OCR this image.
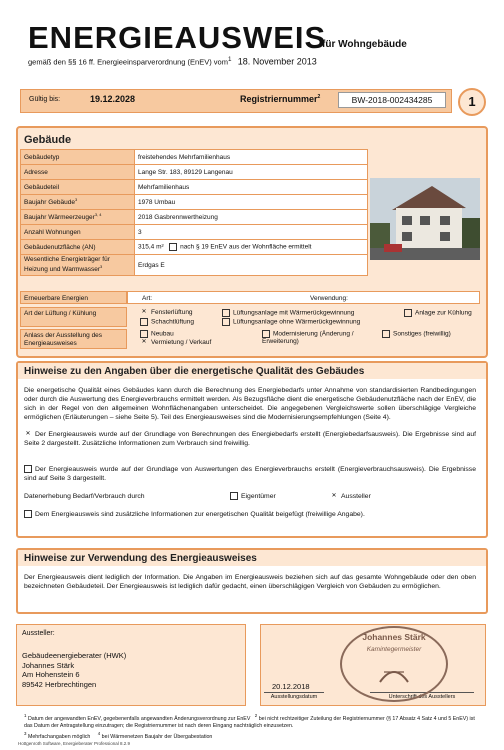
ENERGIEAUSWEIS
für Wohngebäude
gemäß den §§ 16 ff. Energieeinsparverordnung (EnEV) vom$^1$ 18. November 2013
Gültig bis:	19.12.2028	Registriernummer$^2$	BW-2018-002434285	1
Gebäude
Gebäudetyp	freistehendes Mehrfamilienhaus
Adresse	Lange Str. 183, 89129 Langenau
Gebäudeteil	Mehrfamilienhaus
Baujahr Gebäude$^3$	1978 Umbau
Baujahr Wärmeerzeuger$^{3, 4}$	2018 Gasbrennwertheizung
Anzahl Wohnungen	3
Gebäudenutzfläche (AN)	315,4 m² nach § 19 EnEV aus der Wohnfläche ermittelt
Wesentliche Energieträger für Heizung und Warmwasser$^3$	Erdgas E
Erneuerbare Energien	Art:	Verwendung:
Art der Lüftung / Kühlung	✕ Fensterlüftung	Lüftungsanlage mit Wärmerückgewinnung	Anlage zur Kühlung
Schachtlüftung	Lüftungsanlage ohne Wärmerückgewinnung
Anlass der Ausstellung des Energieausweises
Neubau	Modernisierung (Änderung / Erweiterung)
Sonstiges (freiwillig)
✕ Vermietung / Verkauf
Hinweise zu den Angaben über die energetische Qualität des Gebäudes
Die energetische Qualität eines Gebäudes kann durch die Berechnung des Energiebedarfs unter Annahme von standardisierten Randbedingungen oder durch die Auswertung des Energieverbrauchs ermittelt werden. Als Bezugsfläche dient die energetische Gebäudenutzfläche nach der EnEV, die sich in der Regel von den allgemeinen Wohnflächenangaben unterscheidet. Die angegebenen Vergleichswerte sollen überschlägige Vergleiche ermöglichen (Erläuterungen – siehe Seite 5). Teil des Energieausweises sind die Modernisierungsempfehlungen (Seite 4).
✕ Der Energieausweis wurde auf der Grundlage von Berechnungen des Energiebedarfs erstellt (Energiebedarfsausweis). Die Ergebnisse sind auf Seite 2 dargestellt. Zusätzliche Informationen zum Verbrauch sind freiwillig.
Der Energieausweis wurde auf der Grundlage von Auswertungen des Energieverbrauchs erstellt (Energieverbrauchsausweis). Die Ergebnisse sind auf Seite 3 dargestellt.
Datenerhebung Bedarf/Verbrauch durch	Eigentümer	✕ Aussteller
Dem Energieausweis sind zusätzliche Informationen zur energetischen Qualität beigefügt (freiwillige Angabe).
Hinweise zur Verwendung des Energieausweises
Der Energieausweis dient lediglich der Information. Die Angaben im Energieausweis beziehen sich auf das gesamte Wohngebäude oder den oben bezeichneten Gebäudeteil. Der Energieausweis ist lediglich dafür gedacht, einen überschlägigen Vergleich von Gebäuden zu ermöglichen.
Aussteller:
Gebäudeenergieberater (HWK)
Johannes Stärk
Am Hohenstein 6
89542 Herbrechtingen	20.12.2018
Ausstellungsdatum	Unterschrift des Ausstellers
Johannes Stärk
Kamintegermeister
$^1$ Datum der angewandten EnEV, gegebenenfalls angewandten Änderungsverordnung zur EnEV   $^2$ bei nicht rechtzeitiger Zuteilung der Registriernummer (§ 17 Absatz 4 Satz 4 und 5 EnEV) ist das Datum der Antragstellung einzutragen; die Registriernummer ist nach deren Eingang nachträglich einzusetzen.
$^3$ Mehrfachangaben möglich     $^4$ bei Wärmenetzen Baujahr der Übergabestation
Hottgenroth Software, Energieberater Professional 8.2.9
